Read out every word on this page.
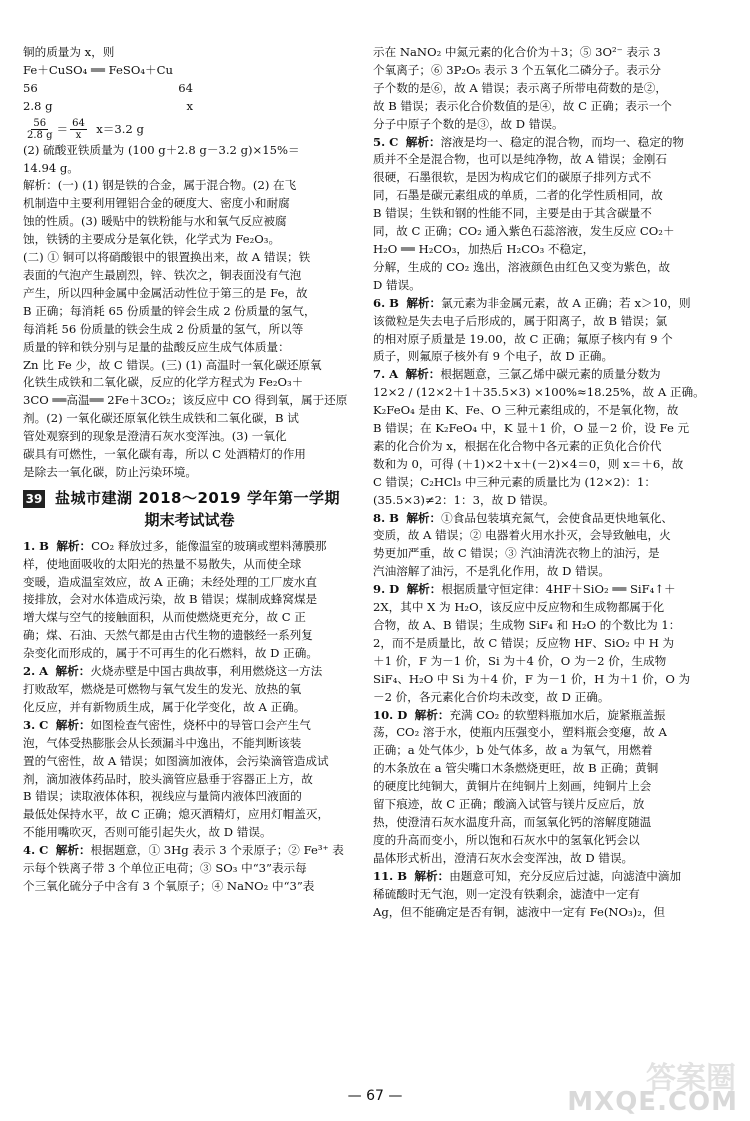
铜的质量为 x，则
Fe＋CuSO₄ ══ FeSO₄＋Cu
56	64
2.8 g	x
$\frac{56}{2.8 g} = \frac{64}{x} x=3.2$ g
(2) 硫酸亚铁质量为 (100 g＋2.8 g－3.2 g)×15%＝
14.94 g。
解析：(一) (1) 钢是铁的合金，属于混合物。(2) 在飞
机制造中主要利用锂铝合金的硬度大、密度小和耐腐
蚀的性质。(3) 暖贴中的铁粉能与水和氧气反应被腐
蚀，铁锈的主要成分是氧化铁，化学式为 Fe₂O₃。
(二) ① 铜可以将硝酸银中的银置换出来，故 A 错误；铁
表面的气泡产生最剧烈，锌、铁次之，铜表面没有气泡
产生，所以四种金属中金属活动性位于第三的是 Fe，故
B 正确；每消耗 65 份质量的锌会生成 2 份质量的氢气，
每消耗 56 份质量的铁会生成 2 份质量的氢气，所以等
质量的锌和铁分别与足量的盐酸反应生成气体质量：
Zn 比 Fe 少，故 C 错误。(三) (1) 高温时一氧化碳还原氧
化铁生成铁和二氧化碳，反应的化学方程式为 Fe₂O₃＋
3CO ══高温══ 2Fe＋3CO₂；该反应中 CO 得到氧，属于还原
剂。(2) 一氧化碳还原氧化铁生成铁和二氧化碳，B 试
管处观察到的现象是澄清石灰水变浑浊。(3) 一氧化
碳具有可燃性，一氧化碳有毒，所以 C 处酒精灯的作用
是除去一氧化碳，防止污染环境。
39 盐城市建湖 2018～2019 学年第一学期
期末考试试卷
1. B 解析：CO₂ 释放过多，能像温室的玻璃或塑料薄膜那
样，使地面吸收的太阳光的热量不易散失，从而使全球
变暖，造成温室效应，故 A 正确；未经处理的工厂废水直
接排放，会对水体造成污染，故 B 错误；煤制成蜂窝煤是
增大煤与空气的接触面积，从而使燃烧更充分，故 C 正
确；煤、石油、天然气都是由古代生物的遗骸经一系列复
杂变化而形成的，属于不可再生的化石燃料，故 D 正确。
2. A 解析：火烧赤壁是中国古典故事，利用燃烧这一方法
打败敌军，燃烧是可燃物与氧气发生的发光、放热的氧
化反应，并有新物质生成，属于化学变化，故 A 正确。
3. C 解析：如图检查气密性，烧杯中的导管口会产生气
泡，气体受热膨胀会从长颈漏斗中逸出，不能判断该装
置的气密性，故 A 错误；如图滴加液体，会污染滴管造成试
剂，滴加液体药品时，胶头滴管应悬垂于容器正上方，故
B 错误；读取液体体积，视线应与量筒内液体凹液面的
最低处保持水平，故 C 正确；熄灭酒精灯，应用灯帽盖灭，
不能用嘴吹灭，否则可能引起失火，故 D 错误。
4. C 解析：根据题意，① 3Hg 表示 3 个汞原子；② Fe³⁺ 表
示每个铁离子带 3 个单位正电荷；③ SO₃ 中“3”表示每
个三氧化硫分子中含有 3 个氧原子；④ NaNO₂ 中“3”表
示在 NaNO₂ 中氮元素的化合价为＋3；⑤ 3O²⁻ 表示 3
个氧离子；⑥ 3P₂O₅ 表示 3 个五氧化二磷分子。表示分
子个数的是⑥，故 A 错误；表示离子所带电荷数的是②，
故 B 错误；表示化合价数值的是④，故 C 正确；表示一个
分子中原子个数的是③，故 D 错误。
5. C 解析：溶液是均一、稳定的混合物，而均一、稳定的物
质并不全是混合物，也可以是纯净物，故 A 错误；金刚石
很硬，石墨很软，是因为构成它们的碳原子排列方式不
同，石墨是碳元素组成的单质，二者的化学性质相同，故
B 错误；生铁和钢的性能不同，主要是由于其含碳量不
同，故 C 正确；CO₂ 通入紫色石蕊溶液，发生反应 CO₂＋
H₂O ══ H₂CO₃，加热后 H₂CO₃ 不稳定，
分解，生成的 CO₂ 逸出，溶液颜色由红色又变为紫色，故
D 错误。
6. B 解析：氯元素为非金属元素，故 A 正确；若 x＞10，则
该微粒是失去电子后形成的，属于阳离子，故 B 错误；氯
的相对原子质量是 19.00，故 C 正确；氟原子核内有 9 个
质子，则氟原子核外有 9 个电子，故 D 正确。
7. A 解析：根据题意，三氯乙烯中碳元素的质量分数为
12×2 / (12×2＋1＋35.5×3) ×100%≈18.25%，故 A 正确。
K₂FeO₄ 是由 K、Fe、O 三种元素组成的，不是氧化物，故
B 错误；在 K₂FeO₄ 中，K 显＋1 价，O 显－2 价，设 Fe 元
素的化合价为 x，根据在化合物中各元素的正负化合价代
数和为 0，可得 (＋1)×2＋x＋(－2)×4＝0，则 x＝＋6，故
C 错误；C₂HCl₃ 中三种元素的质量比为 (12×2)：1：
(35.5×3)≠2：1：3，故 D 错误。
8. B 解析：①食品包装填充氮气，会使食品更快地氧化、
变质，故 A 错误；② 电器着火用水扑灭，会导致触电，火
势更加严重，故 C 错误；③ 汽油清洗衣物上的油污，是
汽油溶解了油污，不是乳化作用，故 D 错误。
9. D 解析：根据质量守恒定律：4HF＋SiO₂ ══ SiF₄↑＋
2X，其中 X 为 H₂O，该反应中反应物和生成物都属于化
合物，故 A、B 错误；生成物 SiF₄ 和 H₂O 的个数比为 1：
2，而不是质量比，故 C 错误；反应物 HF、SiO₂ 中 H 为
＋1 价，F 为－1 价，Si 为＋4 价，O 为－2 价，生成物
SiF₄、H₂O 中 Si 为＋4 价，F 为－1 价，H 为＋1 价，O 为
－2 价，各元素化合价均未改变，故 D 正确。
10. D 解析：充满 CO₂ 的软塑料瓶加水后，旋紧瓶盖振
荡，CO₂ 溶于水，使瓶内压强变小，塑料瓶会变瘪，故 A
正确；a 处气体少，b 处气体多，故 a 为氧气，用燃着
的木条放在 a 管尖嘴口木条燃烧更旺，故 B 正确；黄铜
的硬度比纯铜大，黄铜片在纯铜片上刻画，纯铜片上会
留下痕迹，故 C 正确；酸滴入试管与镁片反应后，放
热，使澄清石灰水温度升高，而氢氧化钙的溶解度随温
度的升高而变小，所以饱和石灰水中的氢氧化钙会以
晶体形式析出，澄清石灰水会变浑浊，故 D 错误。
11. B 解析：由题意可知，充分反应后过滤，向滤渣中滴加
稀硫酸时无气泡，则一定没有铁剩余，滤渣中一定有
Ag，但不能确定是否有铜，滤液中一定有 Fe(NO₃)₂，但
— 67 —	答案圈
MXQE.COM
